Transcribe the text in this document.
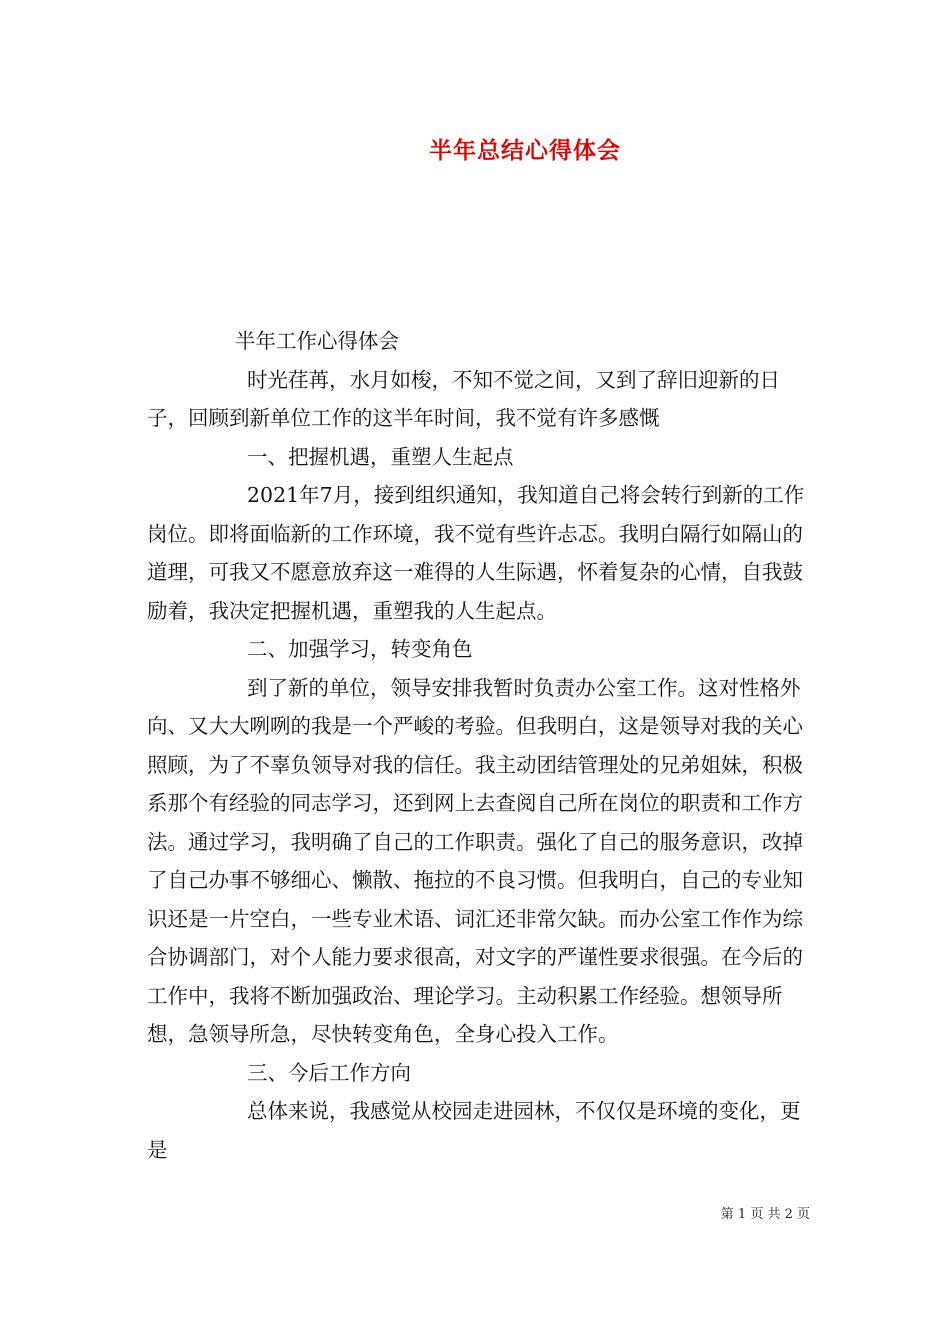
半年总结心得体会

半年工作心得体会

时光荏苒，水月如梭，不知不觉之间，又到了辞旧迎新的日子，回顾到新单位工作的这半年时间，我不觉有许多感慨

一、把握机遇，重塑人生起点

2021年7月，接到组织通知，我知道自己将会转行到新的工作岗位。即将面临新的工作环境，我不觉有些许忐忑。我明白隔行如隔山的道理，可我又不愿意放弃这一难得的人生际遇，怀着复杂的心情，自我鼓励着，我决定把握机遇，重塑我的人生起点。

二、加强学习，转变角色

到了新的单位，领导安排我暂时负责办公室工作。这对性格外向、又大大咧咧的我是一个严峻的考验。但我明白，这是领导对我的关心照顾，为了不辜负领导对我的信任。我主动团结管理处的兄弟姐妹，积极系那个有经验的同志学习，还到网上去查阅自己所在岗位的职责和工作方法。通过学习，我明确了自己的工作职责。强化了自己的服务意识，改掉了自己办事不够细心、懒散、拖拉的不良习惯。但我明白，自己的专业知识还是一片空白，一些专业术语、词汇还非常欠缺。而办公室工作作为综合协调部门，对个人能力要求很高，对文字的严谨性要求很强。在今后的工作中，我将不断加强政治、理论学习。主动积累工作经验。想领导所想，急领导所急，尽快转变角色，全身心投入工作。

三、今后工作方向

总体来说，我感觉从校园走进园林，不仅仅是环境的变化，更是

第 1 页 共 2 页
